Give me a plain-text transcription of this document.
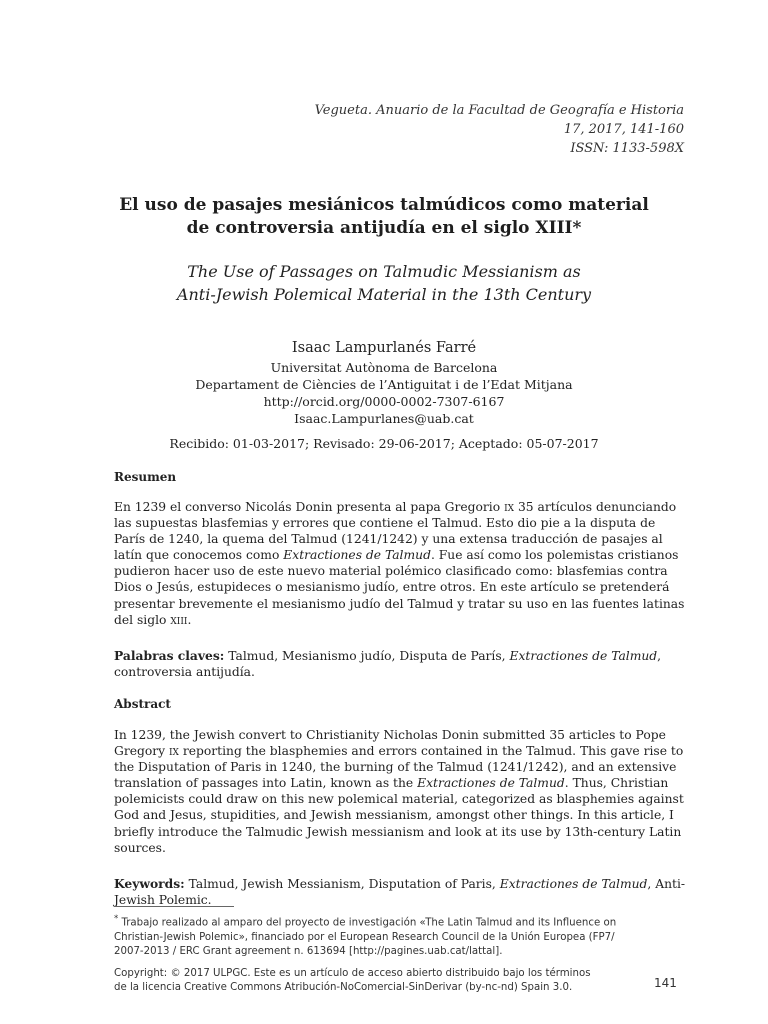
Vegueta. Anuario de la Facultad de Geografía e Historia
17, 2017, 141-160
ISSN: 1133-598X
El uso de pasajes mesiánicos talmúdicos como material
de controversia antijudía en el siglo XIII*
The Use of Passages on Talmudic Messianism as
Anti-Jewish Polemical Material in the 13th Century
Isaac Lampurlanés Farré
Universitat Autònoma de Barcelona
Departament de Ciències de l’Antiguitat i de l’Edat Mitjana
http://orcid.org/0000-0002-7307-6167
Isaac.Lampurlanes@uab.cat
Recibido: 01-03-2017; Revisado: 29-06-2017; Aceptado: 05-07-2017
Resumen
En 1239 el converso Nicolás Donin presenta al papa Gregorio ix 35 artículos denunciando
las supuestas blasfemias y errores que contiene el Talmud. Esto dio pie a la disputa de
París de 1240, la quema del Talmud (1241/1242) y una extensa traducción de pasajes al
latín que conocemos como Extractiones de Talmud. Fue así como los polemistas cristianos
pudieron hacer uso de este nuevo material polémico clasificado como: blasfemias contra
Dios o Jesús, estupideces o mesianismo judío, entre otros. En este artículo se pretenderá
presentar brevemente el mesianismo judío del Talmud y tratar su uso en las fuentes latinas
del siglo xiii.
Palabras claves: Talmud, Mesianismo judío, Disputa de París, Extractiones de Talmud,
controversia antijudía.
Abstract
In 1239, the Jewish convert to Christianity Nicholas Donin submitted 35 articles to Pope
Gregory ix reporting the blasphemies and errors contained in the Talmud. This gave rise to
the Disputation of Paris in 1240, the burning of the Talmud (1241/1242), and an extensive
translation of passages into Latin, known as the Extractiones de Talmud. Thus, Christian
polemicists could draw on this new polemical material, categorized as blasphemies against
God and Jesus, stupidities, and Jewish messianism, amongst other things. In this article, I
briefly introduce the Talmudic Jewish messianism and look at its use by 13th-century Latin
sources.
Keywords: Talmud, Jewish Messianism, Disputation of Paris, Extractiones de Talmud, Anti-
Jewish Polemic.
* Trabajo realizado al amparo del proyecto de investigación «The Latin Talmud and its Influence on
Christian-Jewish Polemic», financiado por el European Research Council de la Unión Europea (FP7/
2007-2013 / ERC Grant agreement n. 613694 [http://pagines.uab.cat/lattal].
Copyright: © 2017 ULPGC. Este es un artículo de acceso abierto distribuido bajo los términos
de la licencia Creative Commons Atribución-NoComercial-SinDerivar (by-nc-nd) Spain 3.0.	141
